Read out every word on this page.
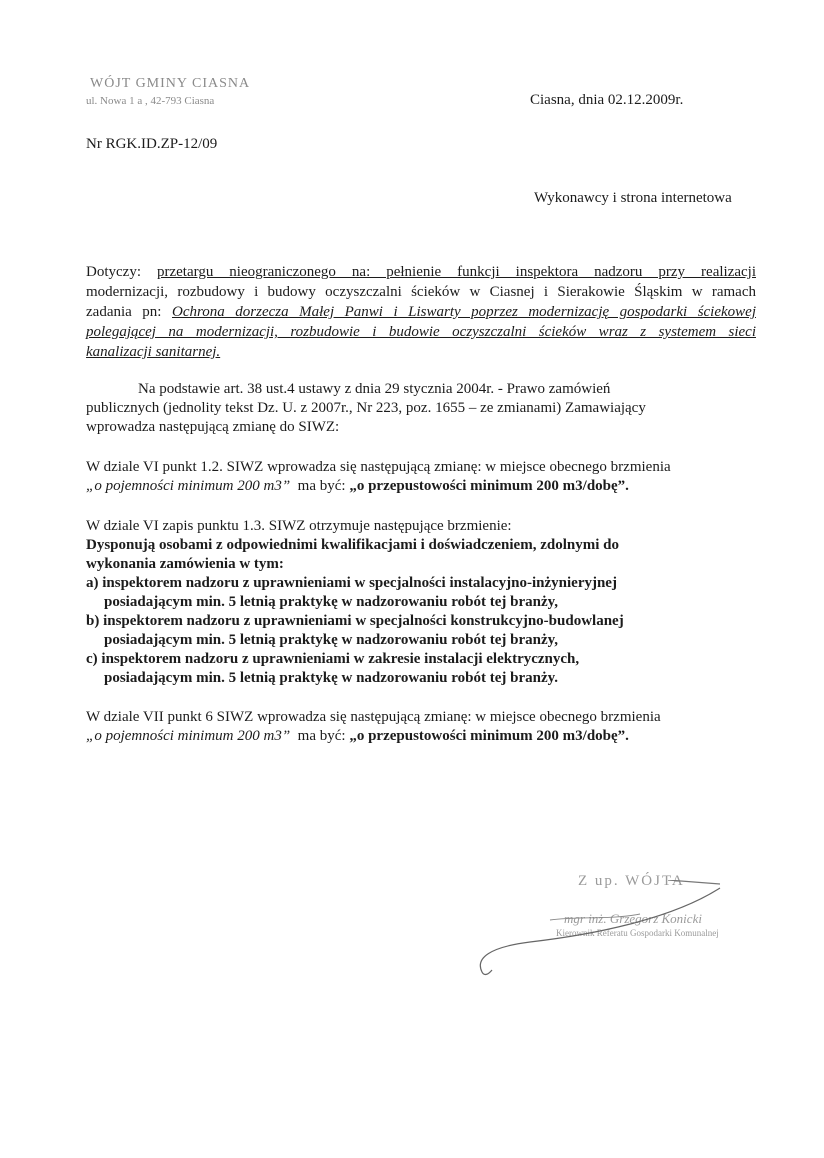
WÓJT GMINY CIASNA
ul. Nowa 1 a , 42-793 Ciasna	Ciasna, dnia 02.12.2009r.
Nr RGK.ID.ZP-12/09
Wykonawcy i strona internetowa
Dotyczy: przetargu nieograniczonego na: pełnienie funkcji inspektora nadzoru przy realizacji
modernizacji, rozbudowy i budowy oczyszczalni ścieków w Ciasnej i Sierakowie Śląskim w ramach
zadania pn: Ochrona dorzecza Małej Panwi i Liswarty poprzez modernizację gospodarki ściekowej
polegającej na modernizacji, rozbudowie i budowie oczyszczalni ścieków wraz z systemem sieci
kanalizacji sanitarnej.
Na podstawie art. 38 ust.4 ustawy z dnia 29 stycznia 2004r. - Prawo zamówień
publicznych (jednolity tekst Dz. U. z 2007r., Nr 223, poz. 1655 – ze zmianami) Zamawiający
wprowadza następującą zmianę do SIWZ:
W dziale VI punkt 1.2. SIWZ wprowadza się następującą zmianę: w miejsce obecnego brzmienia
„o pojemności minimum 200 m3” ma być: „o przepustowości minimum 200 m3/dobę”.
W dziale VI zapis punktu 1.3. SIWZ otrzymuje następujące brzmienie:
Dysponują osobami z odpowiednimi kwalifikacjami i doświadczeniem, zdolnymi do
wykonania zamówienia w tym:
a) inspektorem nadzoru z uprawnieniami w specjalności instalacyjno-inżynieryjnej
posiadającym min. 5 letnią praktykę w nadzorowaniu robót tej branży,
b) inspektorem nadzoru z uprawnieniami w specjalności konstrukcyjno-budowlanej
posiadającym min. 5 letnią praktykę w nadzorowaniu robót tej branży,
c) inspektorem nadzoru z uprawnieniami w zakresie instalacji elektrycznych,
posiadającym min. 5 letnią praktykę w nadzorowaniu robót tej branży.
W dziale VII punkt 6 SIWZ wprowadza się następującą zmianę: w miejsce obecnego brzmienia
„o pojemności minimum 200 m3” ma być: „o przepustowości minimum 200 m3/dobę”.
Z up. WÓJTA
mgr inż. Grzegorz Konicki
Kierownik Referatu Gospodarki Komunalnej
